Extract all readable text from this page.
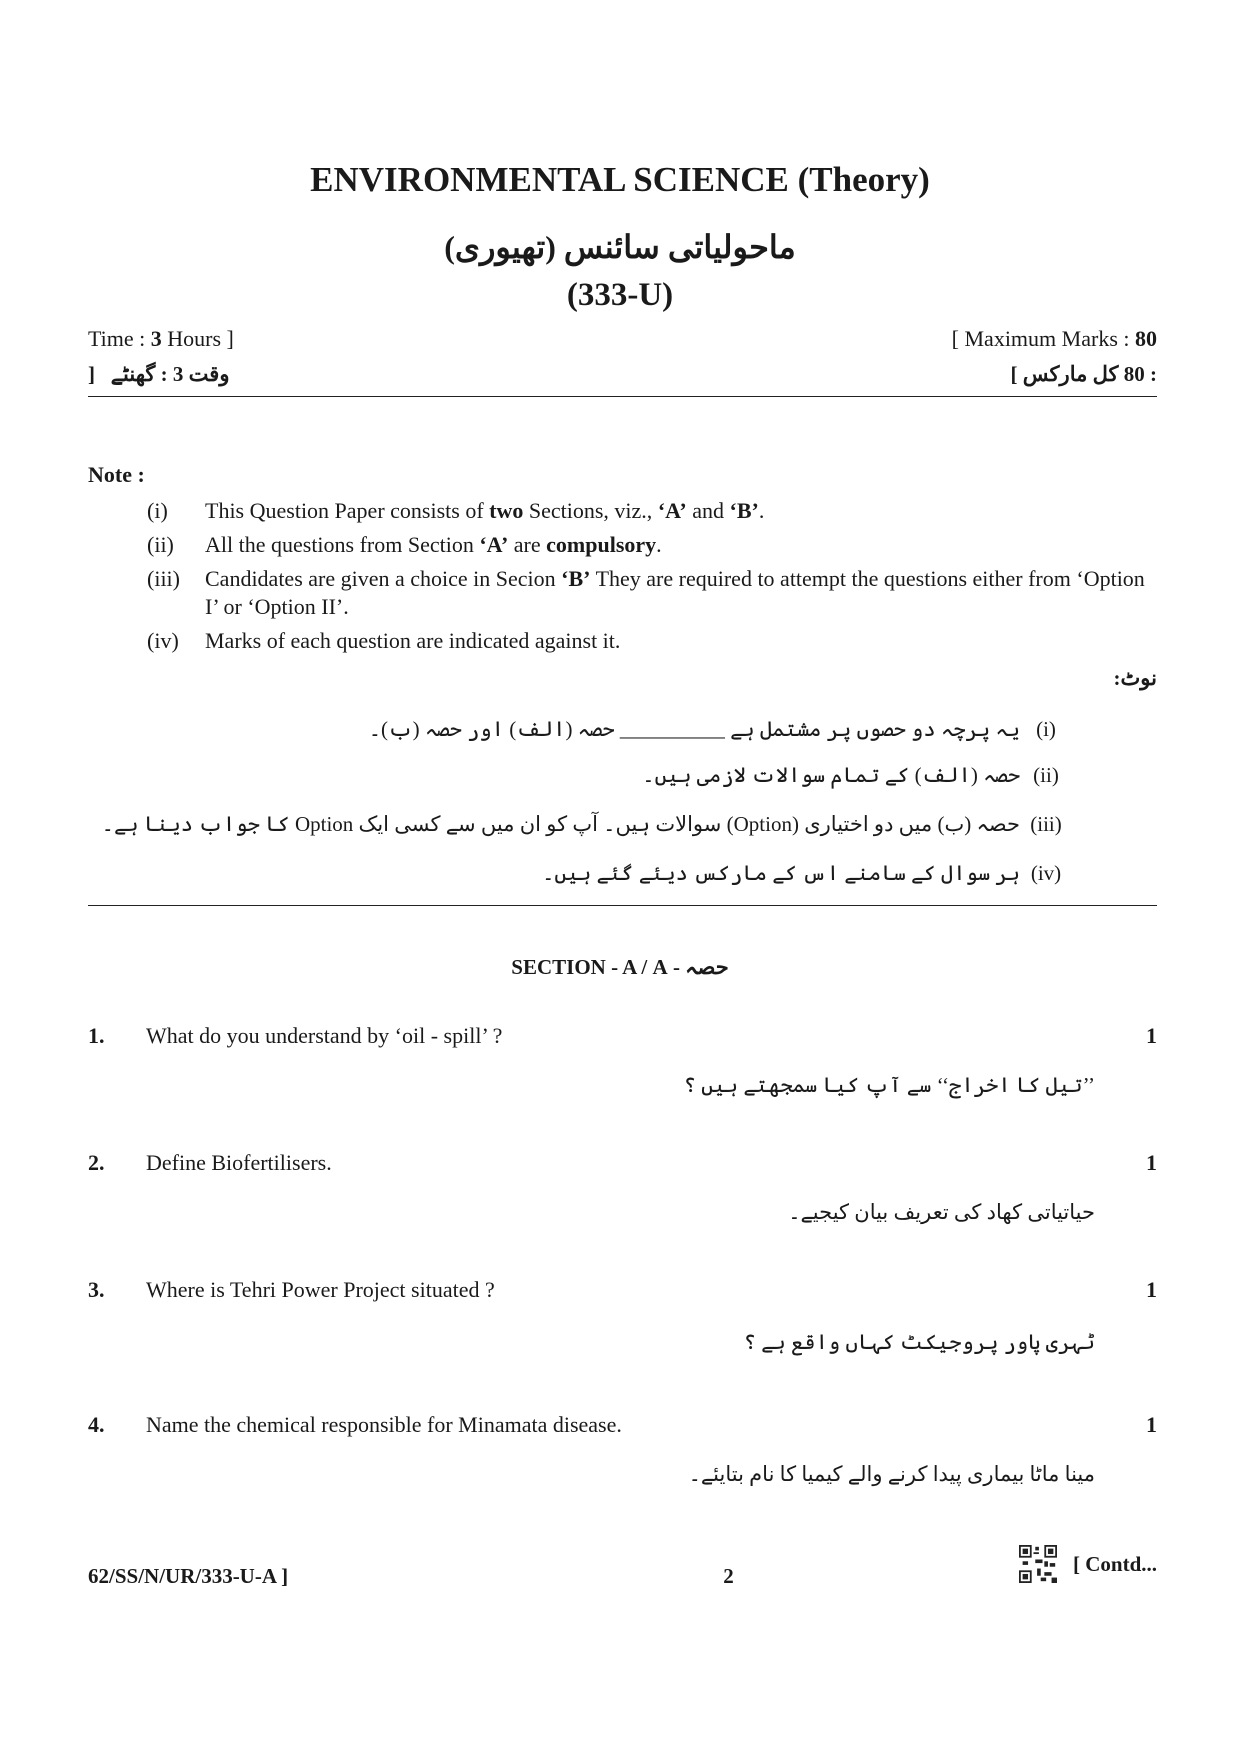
ENVIRONMENTAL SCIENCE (Theory)
ماحولیاتی سائنس (تھیوری)
(333-U)
Time : 3 Hours ]	[ Maximum Marks : 80
] وقت 3 : گھنٹے	[ کل مارکس 80 :
Note :
(i)	This Question Paper consists of two Sections, viz., ‘A’ and ‘B’.
(ii)	All the questions from Section ‘A’ are compulsory.
(iii)	Candidates are given a choice in Secion ‘B’ They are required to attempt the questions either from ‘Option I’ or ‘Option II’.
(iv)	Marks of each question are indicated against it.
نوٹ:
(i)
یہ پرچہ دو حصوں پر مشتمل ہے __________ حصہ (الف) اور حصہ (ب)۔
(ii)
حصہ (الف) کے تمام سوالات لازمی ہیں۔
(iii)
حصہ (ب) میں دو اختیاری (Option) سوالات ہیں۔ آپ کو ان میں سے کسی ایک Option کا جواب دینا ہے۔
(iv)
ہر سوال کے سامنے اس کے مارکس دیئے گئے ہیں۔
SECTION - A / حصہ - A
1.	What do you understand by ‘oil - spill’ ?	1
’’تیل کا اخراج‘‘ سے آپ کیا سمجھتے ہیں ؟
2.	Define Biofertilisers.	1
حیاتیاتی کھاد کی تعریف بیان کیجیے۔
3.	Where is Tehri Power Project situated ?	1
ٹہری پاور پروجیکٹ کہاں واقع ہے ؟
4.	Name the chemical responsible for Minamata disease.	1
مینا ماٹا بیماری پیدا کرنے والے کیمیا کا نام بتایئے۔
62/SS/N/UR/333-U-A ]	2
[ Contd...
